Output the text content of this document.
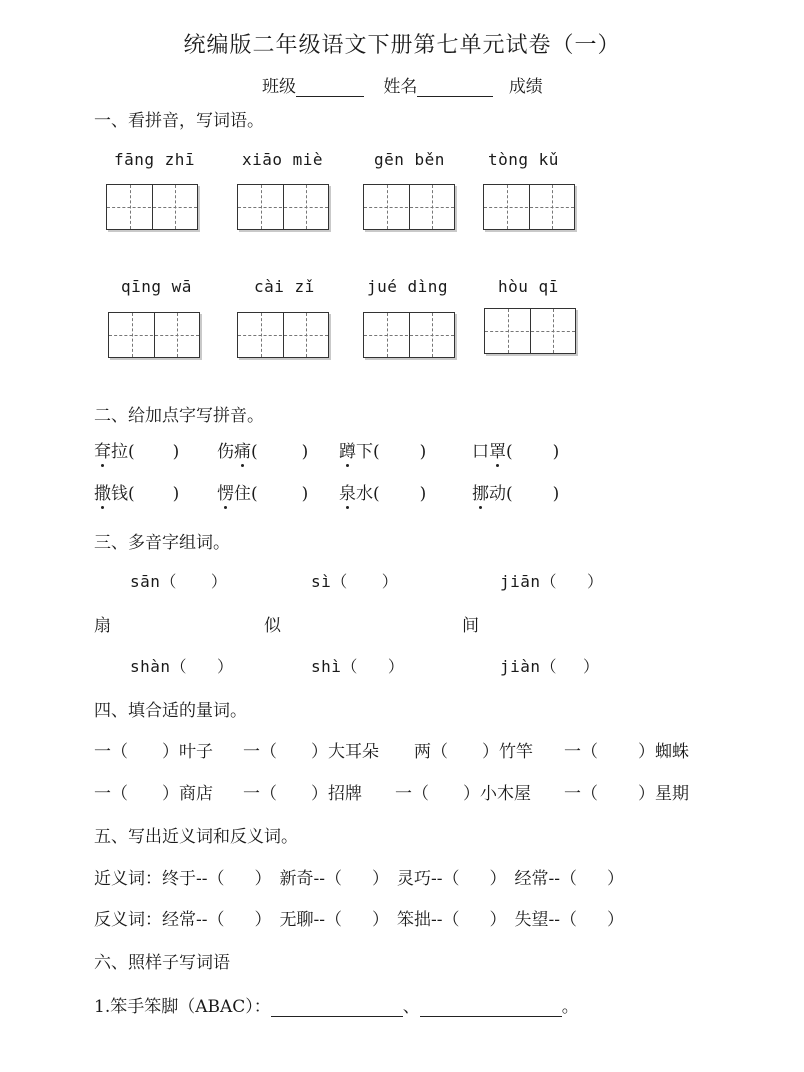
统编版二年级语文下册第七单元试卷（一）
班级	姓名	成绩
一、看拼音，写词语。
fāng zhī	xiāo miè	gēn běn	tòng kǔ
qīng wā	cài zǐ	jué dìng	hòu qī
二、给加点字写拼音。
耷拉( ) 伤痛(	) 蹲下( )	口罩( )
撒钱( ) 愣住(	) 泉水( )	挪动( )
三、多音字组词。
sān（ ）	sì（ ）	jiān（ ）
扇	似	间
shàn（ ）	shì（ ）	jiàn（ ）
四、填合适的量词。
一（ ）叶子 一（ ）大耳朵 两（ ）竹竿 一（ ）蜘蛛
一（ ）商店 一（ ）招牌 一（ ）小木屋 一（ ）星期
五、写出近义词和反义词。
近义词：终于--（ ） 新奇--（ ） 灵巧--（ ） 经常--（ ）
反义词：经常--（ ） 无聊--（ ） 笨拙--（ ） 失望--（ ）
六、照样子写词语
1.笨手笨脚（ABAC）：	、	。
